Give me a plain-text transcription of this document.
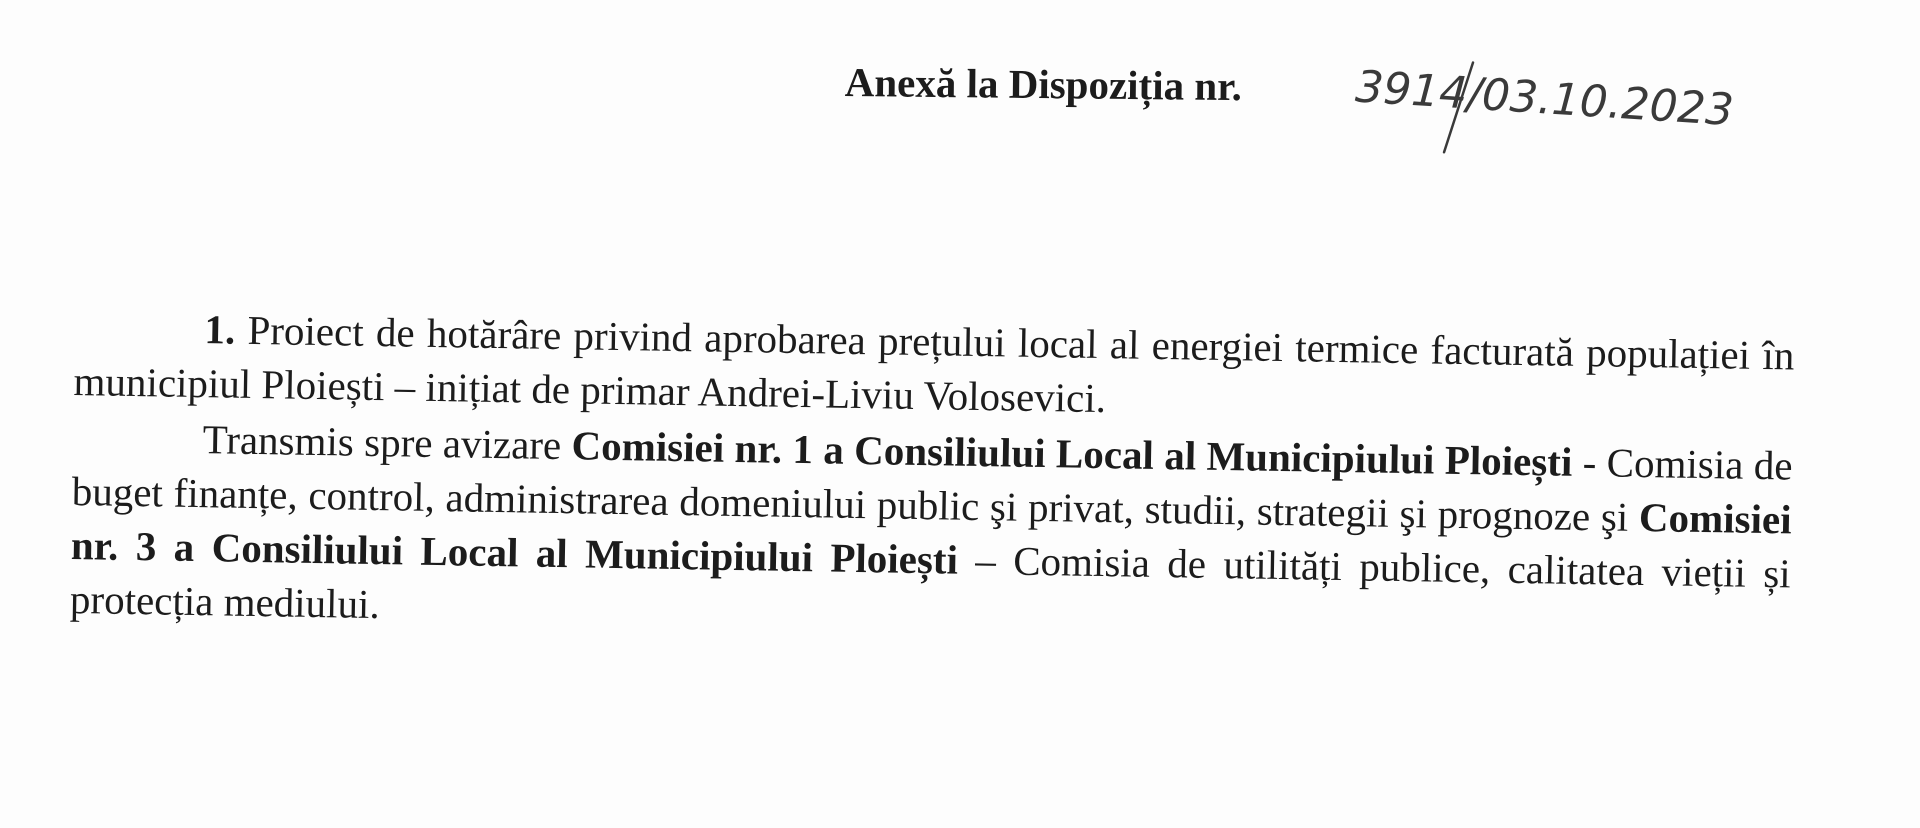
Anexă la Dispoziția nr.	3914/03.10.2023

1. Proiect de hotărâre privind aprobarea prețului local al energiei termice facturată populației în municipiul Ploiești – inițiat de primar Andrei-Liviu Volosevici.

Transmis spre avizare Comisiei nr. 1 a Consiliului Local al Municipiului Ploiești - Comisia de buget finanțe, control, administrarea domeniului public şi privat, studii, strategii şi prognoze şi Comisiei nr. 3 a Consiliului Local al Municipiului Ploiești – Comisia de utilități publice, calitatea vieții și protecția mediului.
